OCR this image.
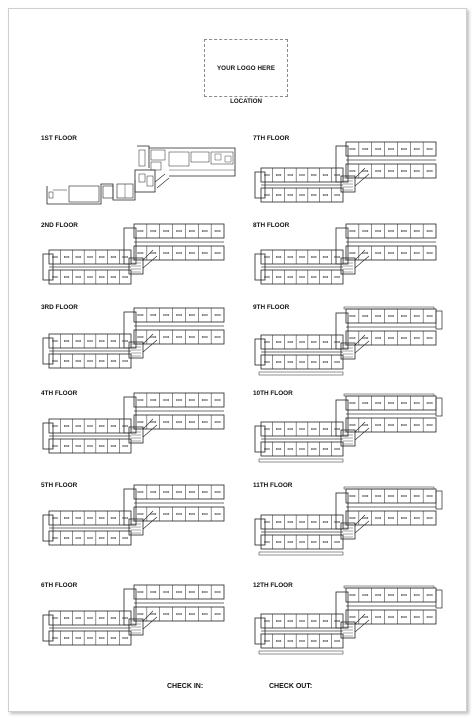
YOUR LOGO HERE
LOCATION
1ST FLOOR
2ND FLOOR
3RD FLOOR
4TH FLOOR
5TH FLOOR
6TH FLOOR
7TH FLOOR
8TH FLOOR
9TH FLOOR
10TH FLOOR
11TH FLOOR
12TH FLOOR
CHECK IN:	CHECK OUT:
